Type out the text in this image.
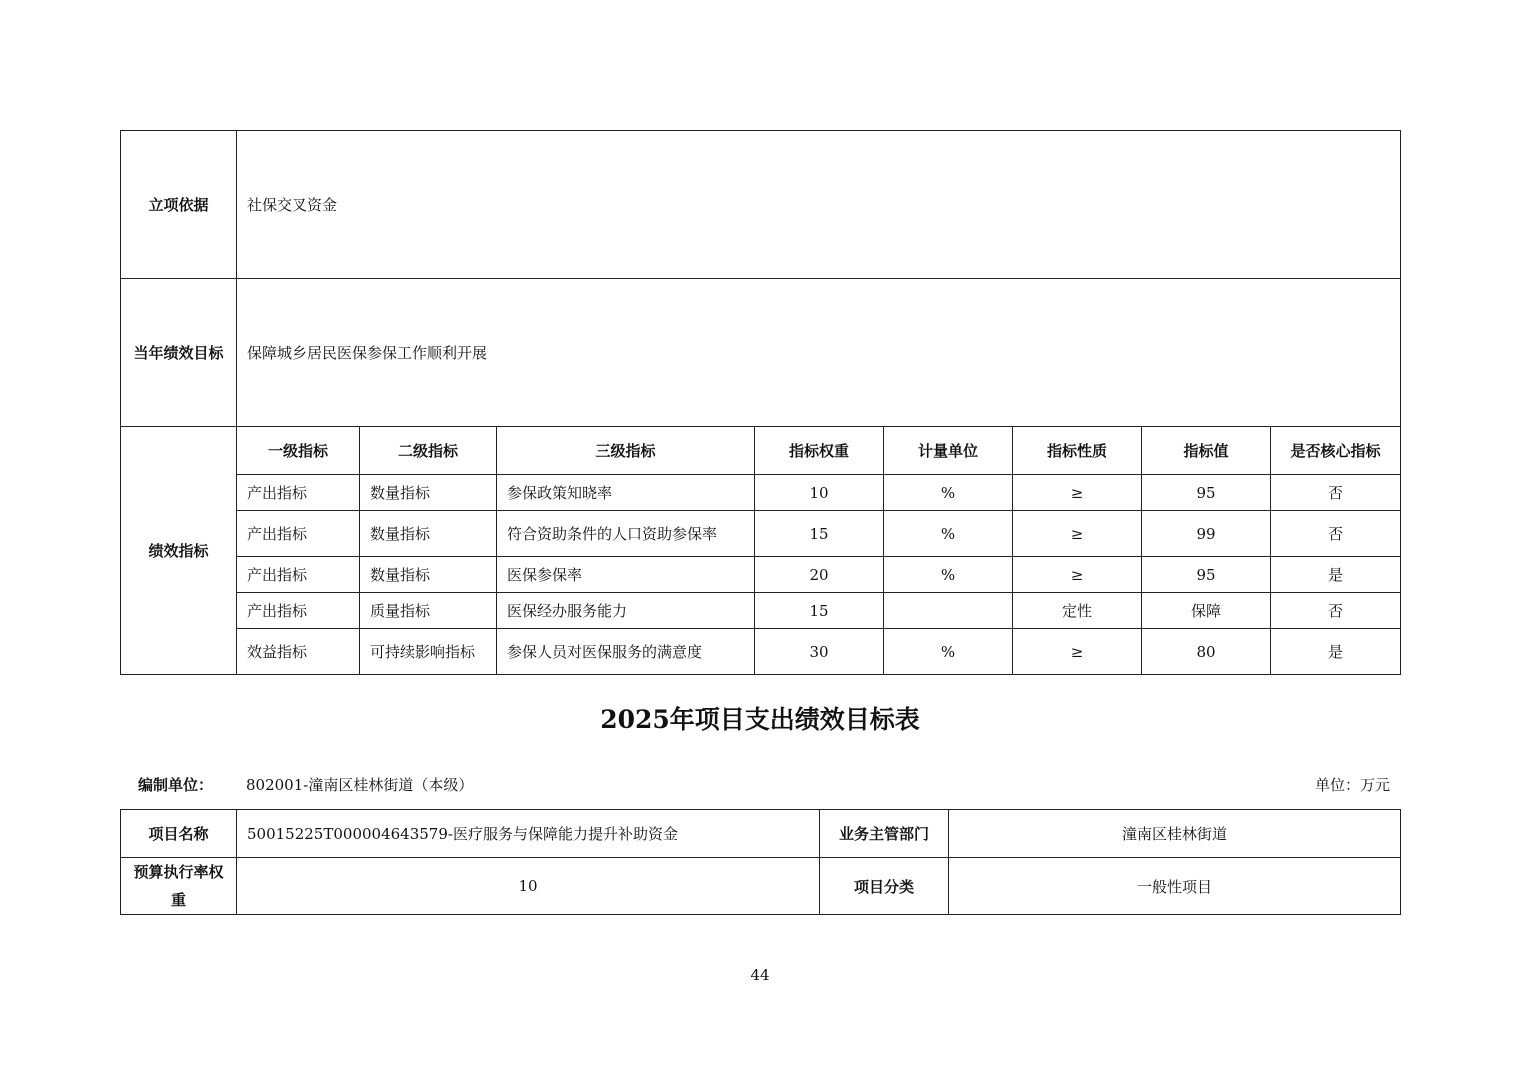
立项依据	社保交叉资金							
当年绩效目标	保障城乡居民医保参保工作顺利开展							
绩效指标	一级指标	二级指标	三级指标	指标权重	计量单位	指标性质	指标值	是否核心指标
	产出指标	数量指标	参保政策知晓率	10	%	≥	95	否
	产出指标	数量指标	符合资助条件的人口资助参保率	15	%	≥	99	否
	产出指标	数量指标	医保参保率	20	%	≥	95	是
	产出指标	质量指标	医保经办服务能力	15		定性	保障	否
	效益指标	可持续影响指标	参保人员对医保服务的满意度	30	%	≥	80	是
2025年项目支出绩效目标表
编制单位： 802001-潼南区桂林街道（本级）	单位：万元
项目名称	50015225T000004643579-医疗服务与保障能力提升补助资金	业务主管部门	潼南区桂林街道
预算执行率权重	10	项目分类	一般性项目
44
